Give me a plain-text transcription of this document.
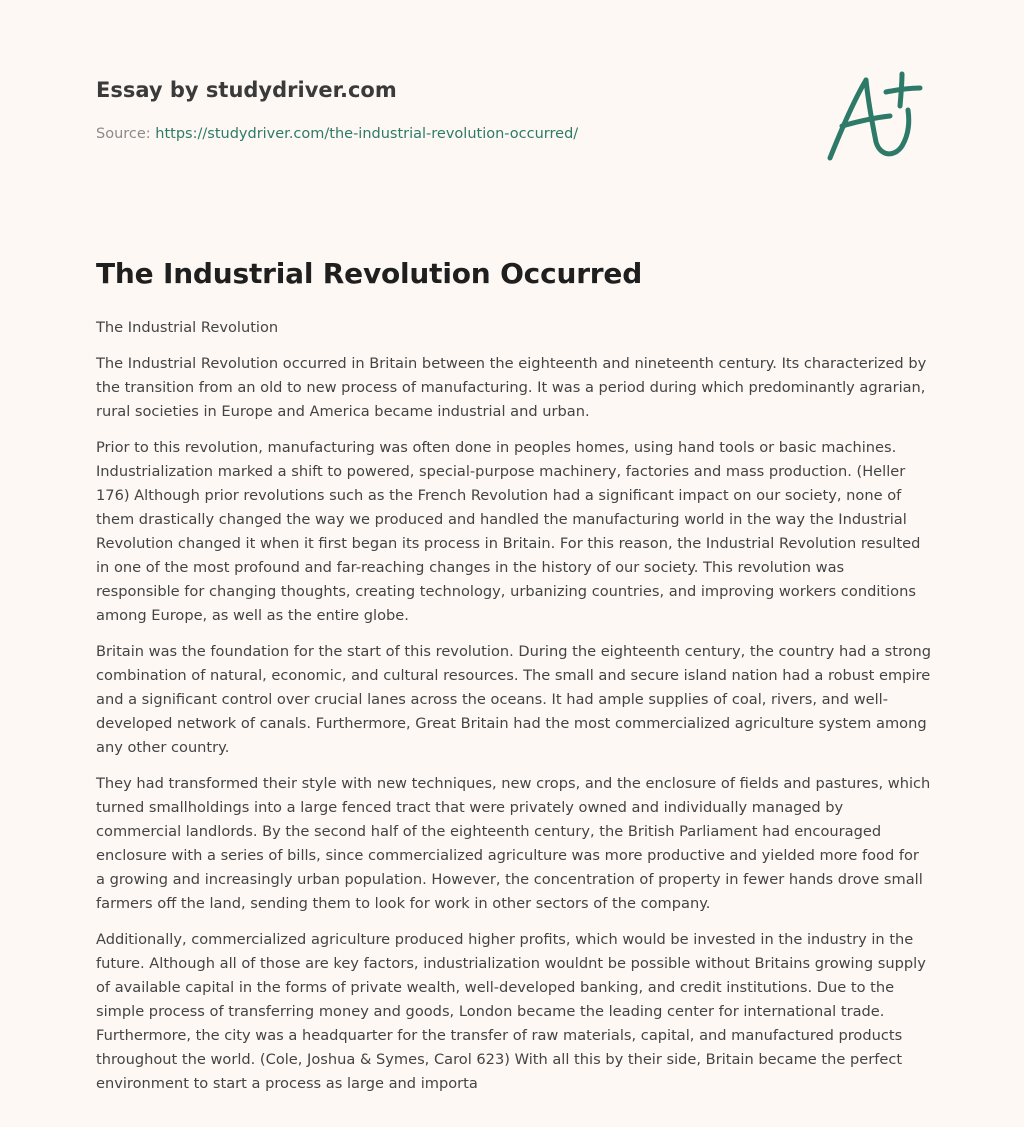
Essay by studydriver.com
Source: https://studydriver.com/the-industrial-revolution-occurred/
The Industrial Revolution Occurred

The Industrial Revolution

The Industrial Revolution occurred in Britain between the eighteenth and nineteenth century. Its characterized by the transition from an old to new process of manufacturing. It was a period during which predominantly agrarian, rural societies in Europe and America became industrial and urban.

Prior to this revolution, manufacturing was often done in peoples homes, using hand tools or basic machines. Industrialization marked a shift to powered, special-purpose machinery, factories and mass production. (Heller 176) Although prior revolutions such as the French Revolution had a significant impact on our society, none of them drastically changed the way we produced and handled the manufacturing world in the way the Industrial Revolution changed it when it first began its process in Britain. For this reason, the Industrial Revolution resulted in one of the most profound and far-reaching changes in the history of our society. This revolution was responsible for changing thoughts, creating technology, urbanizing countries, and improving workers conditions among Europe, as well as the entire globe.

Britain was the foundation for the start of this revolution. During the eighteenth century, the country had a strong combination of natural, economic, and cultural resources. The small and secure island nation had a robust empire and a significant control over crucial lanes across the oceans. It had ample supplies of coal, rivers, and well-developed network of canals. Furthermore, Great Britain had the most commercialized agriculture system among any other country.

They had transformed their style with new techniques, new crops, and the enclosure of fields and pastures, which turned smallholdings into a large fenced tract that were privately owned and individually managed by commercial landlords. By the second half of the eighteenth century, the British Parliament had encouraged enclosure with a series of bills, since commercialized agriculture was more productive and yielded more food for a growing and increasingly urban population. However, the concentration of property in fewer hands drove small farmers off the land, sending them to look for work in other sectors of the company.

Additionally, commercialized agriculture produced higher profits, which would be invested in the industry in the future. Although all of those are key factors, industrialization wouldnt be possible without Britains growing supply of available capital in the forms of private wealth, well-developed banking, and credit institutions. Due to the simple process of transferring money and goods, London became the leading center for international trade. Furthermore, the city was a headquarter for the transfer of raw materials, capital, and manufactured products throughout the world. (Cole, Joshua & Symes, Carol 623) With all this by their side, Britain became the perfect environment to start a process as large and importa
